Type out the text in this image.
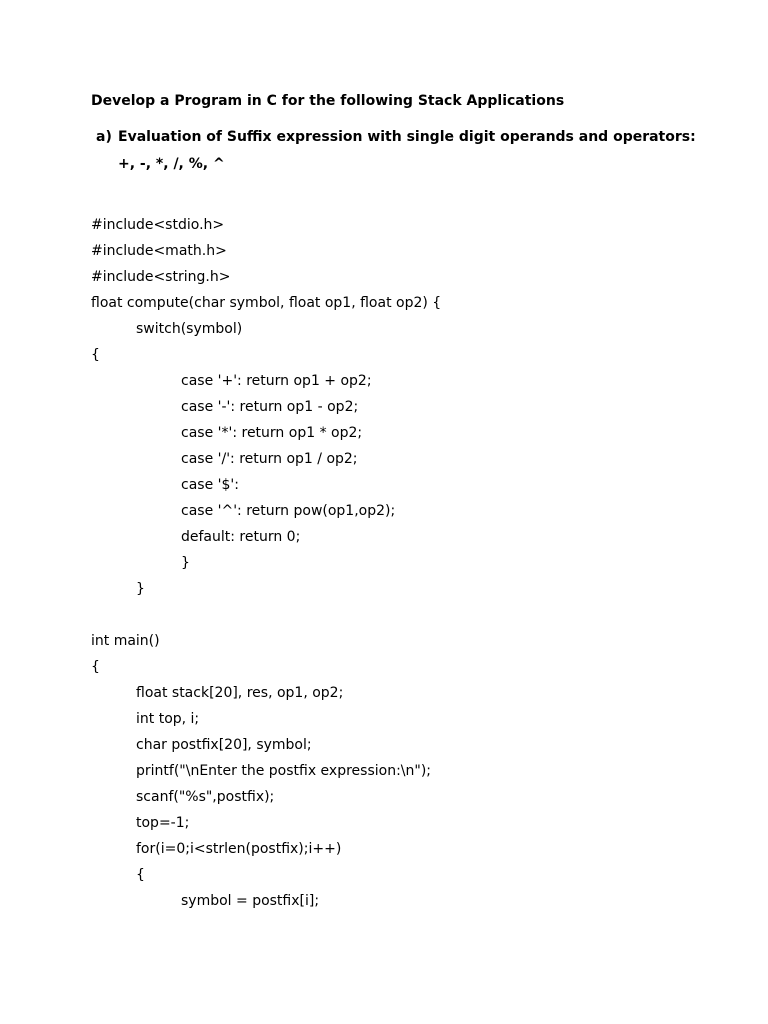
Develop a Program in C for the following Stack Applications
a) Evaluation of Suffix expression with single digit operands and operators:
+, -, *, /, %, ^
#include<stdio.h>
#include<math.h>
#include<string.h>
float compute(char symbol, float op1, float op2) {
switch(symbol)
{
case '+': return op1 + op2;
case '-': return op1 - op2;
case '*': return op1 * op2;
case '/': return op1 / op2;
case '$':
case '^': return pow(op1,op2);
default: return 0;
}
}
int main()
{
float stack[20], res, op1, op2;
int top, i;
char postfix[20], symbol;
printf("\nEnter the postfix expression:\n");
scanf("%s",postfix);
top=-1;
for(i=0;i<strlen(postfix);i++)
{
symbol = postfix[i];
